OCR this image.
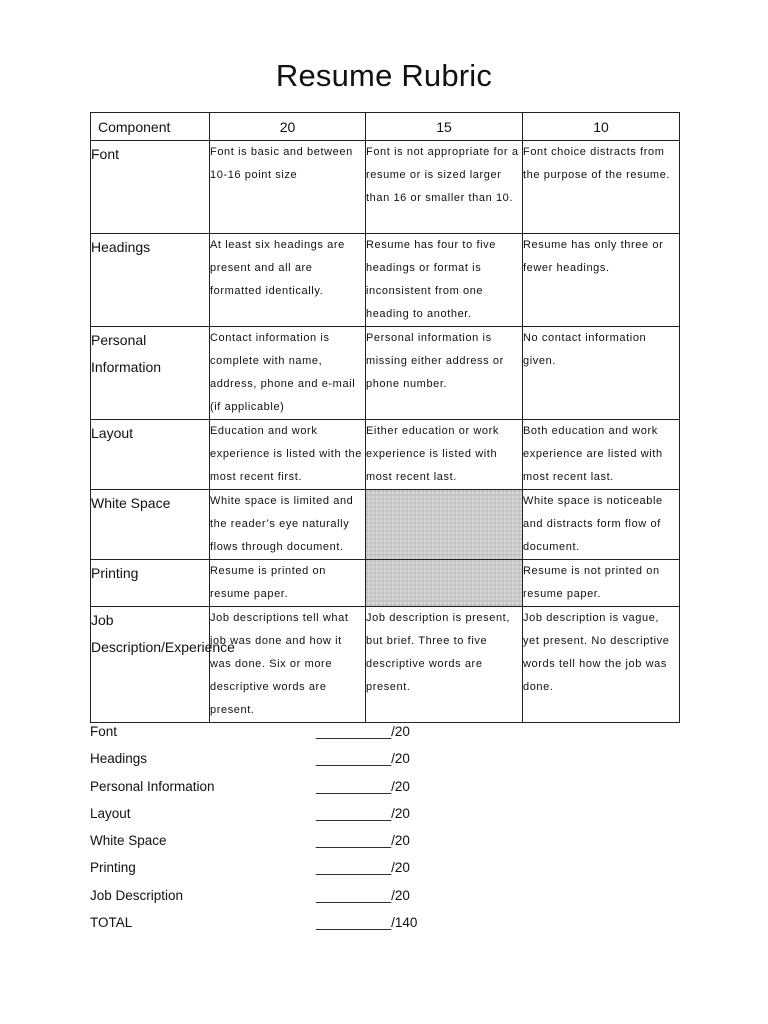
Resume Rubric
Component	20	15	10
Font	Font is basic and between 10-16 point size	Font is not appropriate for a resume or is sized larger than 16 or smaller than 10.	Font choice distracts from the purpose of the resume.
Headings	At least six headings are present and all are formatted identically.	Resume has four to five headings or format is inconsistent from one heading to another.	Resume has only three or fewer headings.
Personal Information	Contact information is complete with name, address, phone and e-mail (if applicable)	Personal information is missing either address or phone number.	No contact information given.
Layout	Education and work experience is listed with the most recent first.	Either education or work experience is listed with most recent last.	Both education and work experience are listed with most recent last.
White Space	White space is limited and the reader’s eye naturally flows through document.		White space is noticeable and distracts form flow of document.
Printing	Resume is printed on resume paper.		Resume is not printed on resume paper.
Job Description/Experience	Job descriptions tell what job was done and how it was done. Six or more descriptive words are present.	Job description is present, but brief. Three to five descriptive words are present.	Job description is vague, yet present. No descriptive words tell how the job was done.
Font	__________/20
Headings	__________/20
Personal Information	__________/20
Layout	__________/20
White Space	__________/20
Printing	__________/20
Job Description	__________/20
TOTAL	__________/140
